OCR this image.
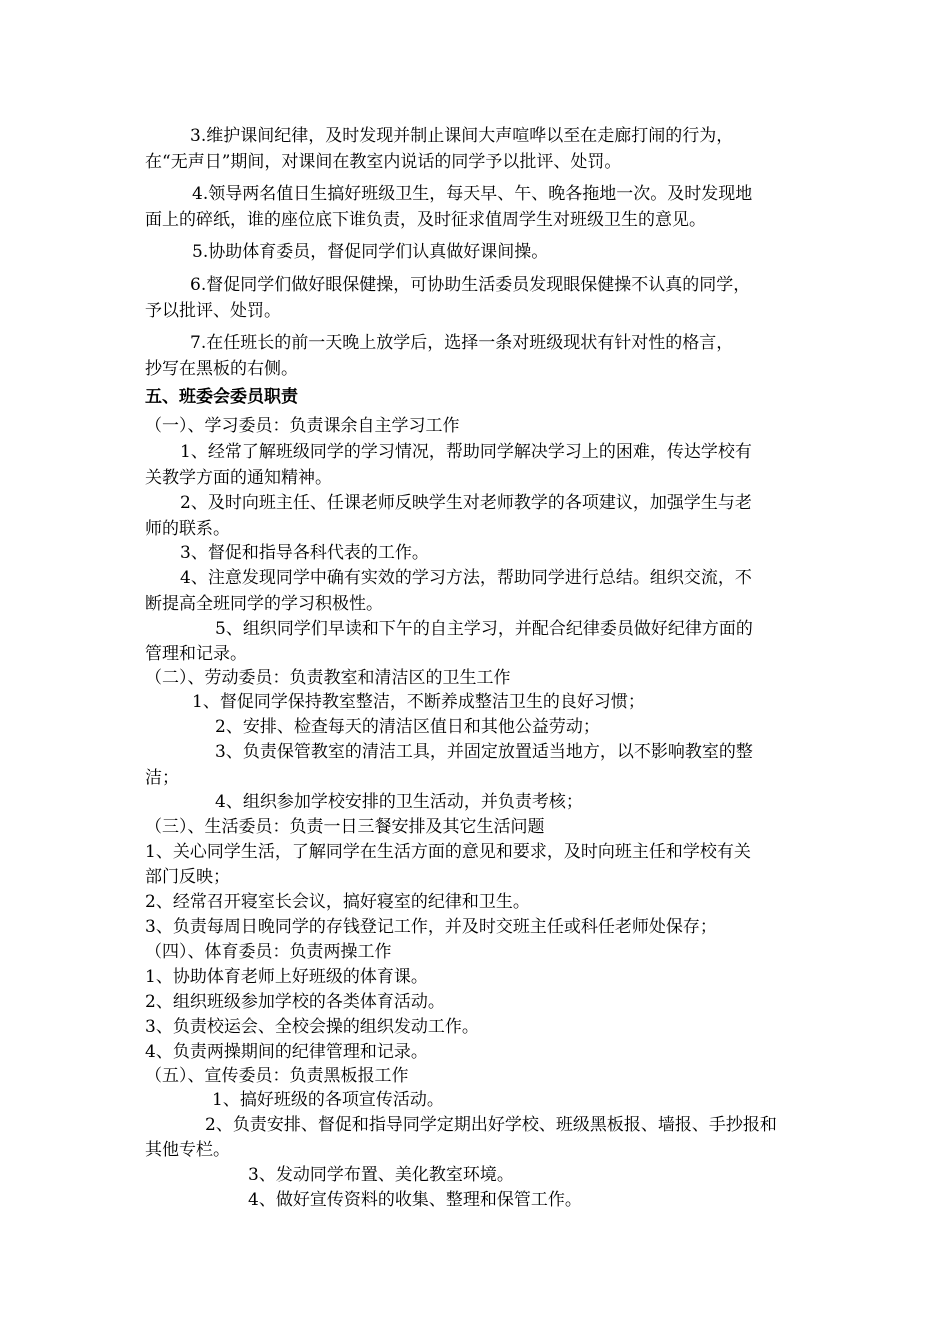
3.维护课间纪律，及时发现并制止课间大声喧哗以至在走廊打闹的行为，

在“无声日”期间，对课间在教室内说话的同学予以批评、处罚。

4.领导两名值日生搞好班级卫生，每天早、午、晚各拖地一次。及时发现地

面上的碎纸，谁的座位底下谁负责，及时征求值周学生对班级卫生的意见。

5.协助体育委员，督促同学们认真做好课间操。

6.督促同学们做好眼保健操，可协助生活委员发现眼保健操不认真的同学，

予以批评、处罚。

7.在任班长的前一天晚上放学后，选择一条对班级现状有针对性的格言，

抄写在黑板的右侧。

五、班委会委员职责

（一）、学习委员：负责课余自主学习工作

1、经常了解班级同学的学习情况，帮助同学解决学习上的困难，传达学校有

关教学方面的通知精神。

2、及时向班主任、任课老师反映学生对老师教学的各项建议，加强学生与老

师的联系。

3、督促和指导各科代表的工作。

4、注意发现同学中确有实效的学习方法，帮助同学进行总结。组织交流，不

断提高全班同学的学习积极性。

5、组织同学们早读和下午的自主学习，并配合纪律委员做好纪律方面的

管理和记录。

（二）、劳动委员：负责教室和清洁区的卫生工作

1、督促同学保持教室整洁，不断养成整洁卫生的良好习惯；

2、安排、检查每天的清洁区值日和其他公益劳动；

3、负责保管教室的清洁工具，并固定放置适当地方，以不影响教室的整

洁；

4、组织参加学校安排的卫生活动，并负责考核；

（三）、生活委员：负责一日三餐安排及其它生活问题

1、关心同学生活，了解同学在生活方面的意见和要求，及时向班主任和学校有关

部门反映；

2、经常召开寝室长会议，搞好寝室的纪律和卫生。

3、负责每周日晚同学的存钱登记工作，并及时交班主任或科任老师处保存；

（四）、体育委员：负责两操工作

1、协助体育老师上好班级的体育课。

2、组织班级参加学校的各类体育活动。

3、负责校运会、全校会操的组织发动工作。

4、负责两操期间的纪律管理和记录。

（五）、宣传委员：负责黑板报工作

1、搞好班级的各项宣传活动。

2、负责安排、督促和指导同学定期出好学校、班级黑板报、墙报、手抄报和

其他专栏。

3、发动同学布置、美化教室环境。

4、做好宣传资料的收集、整理和保管工作。
